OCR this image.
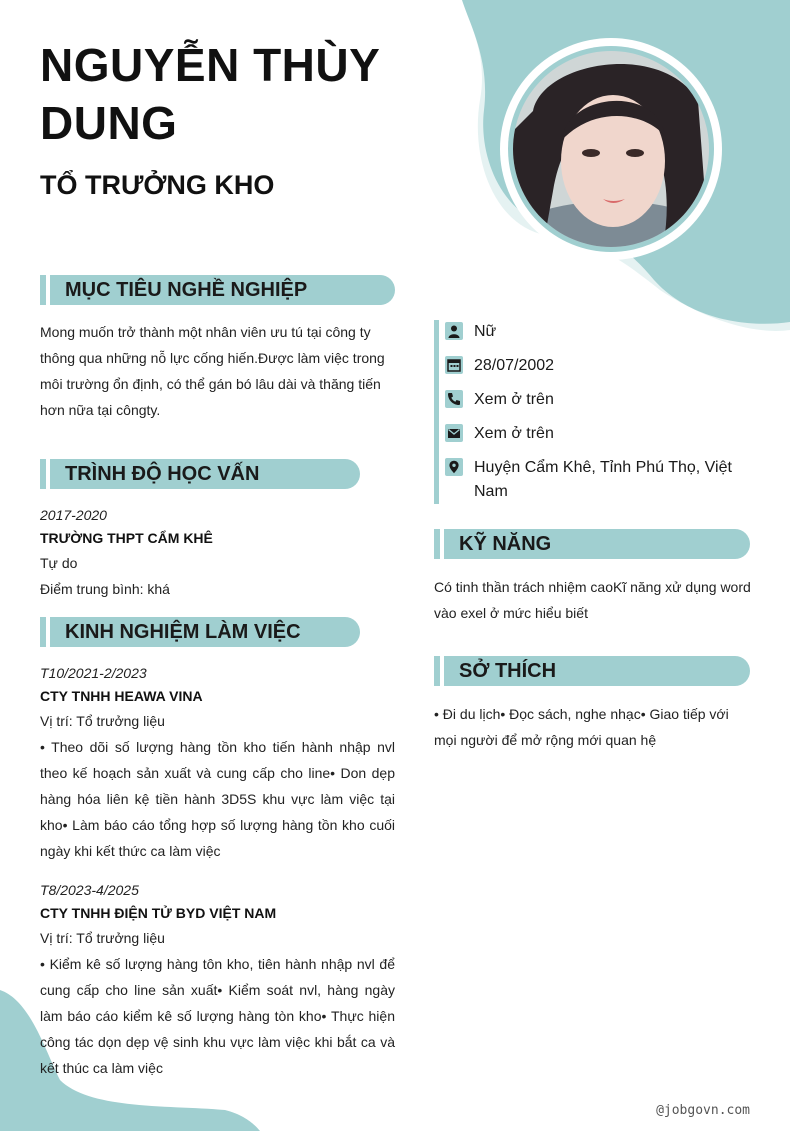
NGUYỄN THÙY DUNG
TỔ TRƯỞNG KHO
MỤC TIÊU NGHỀ NGHIỆP
Mong muốn trở thành một nhân viên ưu tú tại công ty thông qua những nỗ lực cống hiến.Được làm việc trong môi trường ổn định, có thể gán bó lâu dài và thăng tiến hơn nữa tại côngty.
TRÌNH ĐỘ HỌC VẤN
2017-2020
TRƯỜNG THPT CẨM KHÊ
Tự do
Điểm trung bình: khá
KINH NGHIỆM LÀM VIỆC
T10/2021-2/2023
CTY TNHH HEAWA VINA
Vị trí: Tổ trưởng liệu
• Theo dõi số lượng hàng tồn kho tiến hành nhập nvl theo kế hoạch sản xuất và cung cấp cho line• Don dẹp hàng hóa liên kệ tiền hành 3D5S khu vực làm việc tại kho• Làm báo cáo tổng hợp số lượng hàng tồn kho cuối ngày khi kết thức ca làm việc
T8/2023-4/2025
CTY TNHH ĐIỆN TỬ BYD VIỆT NAM
Vị trí: Tổ trưởng liệu
• Kiểm kê số lượng hàng tôn kho, tiên hành nhập nvl để cung cấp cho line sản xuất• Kiểm soát nvl, hàng ngày làm báo cáo kiểm kê số lượng hàng tòn kho• Thực hiện công tác dọn dẹp vệ sinh khu vực làm việc khi bắt ca và kết thúc ca làm việc
Nữ
28/07/2002
Xem ở trên
Xem ở trên
Huyện Cẩm Khê, Tỉnh Phú Thọ, Việt Nam
KỸ NĂNG
Có tinh thần trách nhiệm caoKĩ năng xử dụng word vào exel ở mức hiểu biết
SỞ THÍCH
• Đi du lịch• Đọc sách, nghe nhạc• Giao tiếp với mọi người để mở rộng mới quan hệ
@jobgovn.com
